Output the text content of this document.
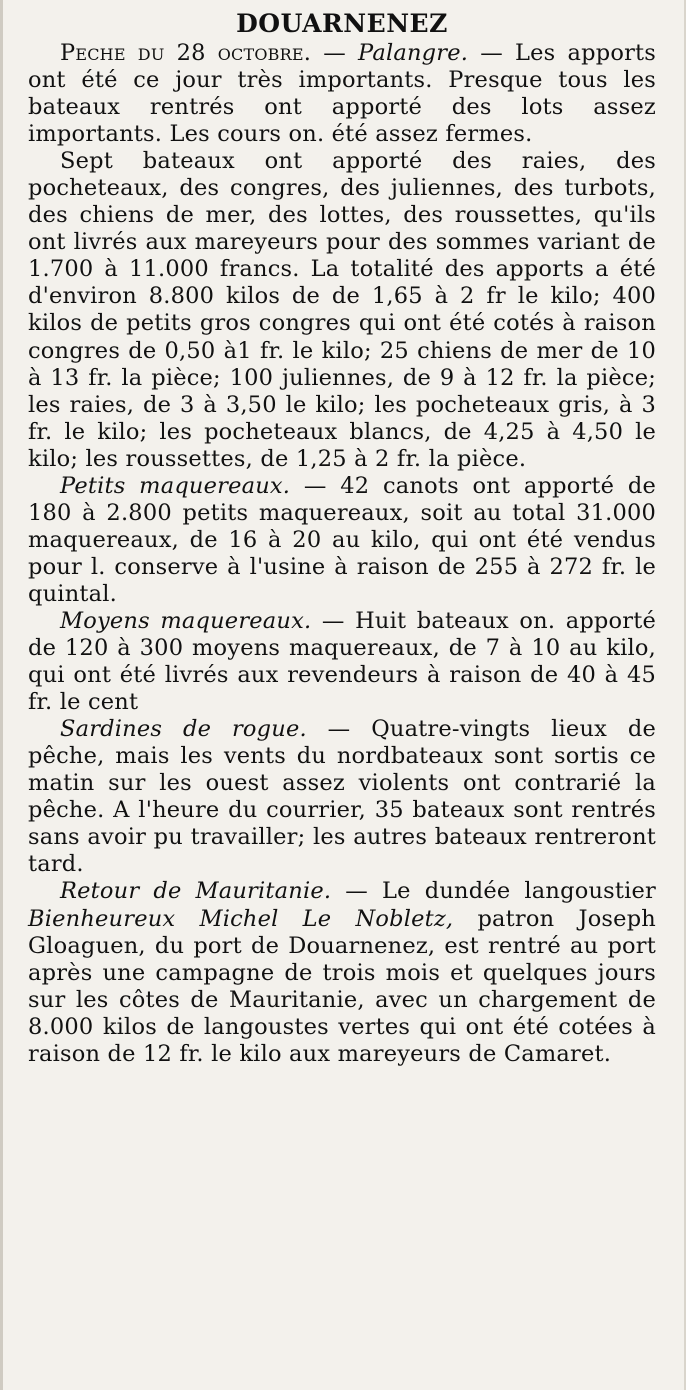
DOUARNENEZ

Peche du 28 octobre. — Palangre. — Les apports ont été ce jour très importants. Presque tous les bateaux rentrés ont apporté des lots assez importants. Les cours on. été assez fermes.

Sept bateaux ont apporté des raies, des pocheteaux, des congres, des juliennes, des turbots, des chiens de mer, des lottes, des roussettes, qu'ils ont livrés aux mareyeurs pour des sommes variant de 1.700 à 11.000 francs. La totalité des apports a été d'environ 8.800 kilos de de 1,65 à 2 fr le kilo; 400 kilos de petits gros congres qui ont été cotés à raison congres de 0,50 à1 fr. le kilo; 25 chiens de mer de 10 à 13 fr. la pièce; 100 juliennes, de 9 à 12 fr. la pièce; les raies, de 3 à 3,50 le kilo; les pocheteaux gris, à 3 fr. le kilo; les pocheteaux blancs, de 4,25 à 4,50 le kilo; les roussettes, de 1,25 à 2 fr. la pièce.

Petits maquereaux. — 42 canots ont apporté de 180 à 2.800 petits maquereaux, soit au total 31.000 maquereaux, de 16 à 20 au kilo, qui ont été vendus pour l. conserve à l'usine à raison de 255 à 272 fr. le quintal.

Moyens maquereaux. — Huit bateaux on. apporté de 120 à 300 moyens maquereaux, de 7 à 10 au kilo, qui ont été livrés aux revendeurs à raison de 40 à 45 fr. le cent

Sardines de rogue. — Quatre-vingts lieux de pêche, mais les vents du nordbateaux sont sortis ce matin sur les ouest assez violents ont contrarié la pêche. A l'heure du courrier, 35 bateaux sont rentrés sans avoir pu travailler; les autres bateaux rentreront tard.

Retour de Mauritanie. — Le dundée langoustier Bienheureux Michel Le Nobletz, patron Joseph Gloaguen, du port de Douarnenez, est rentré au port après une campagne de trois mois et quelques jours sur les côtes de Mauritanie, avec un chargement de 8.000 kilos de langoustes vertes qui ont été cotées à raison de 12 fr. le kilo aux mareyeurs de Camaret.
